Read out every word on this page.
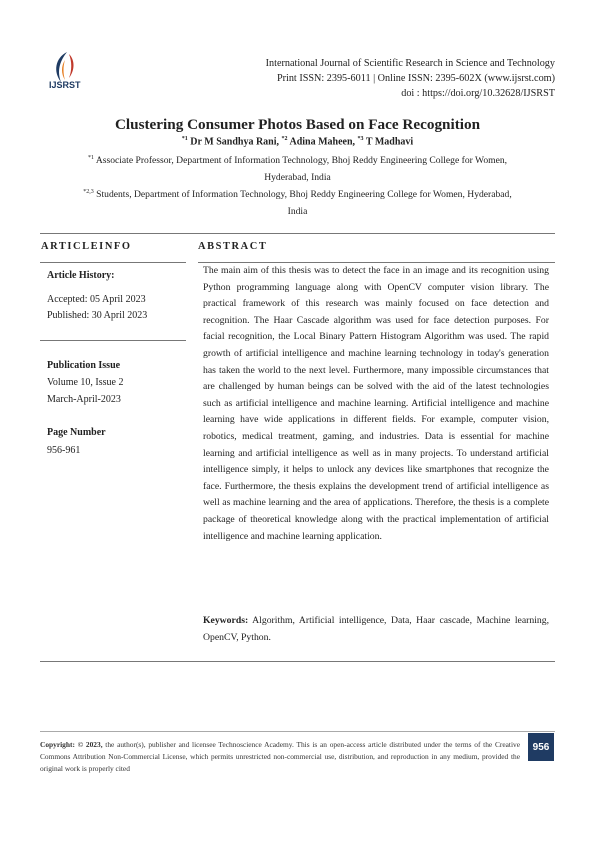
IJSRST
International Journal of Scientific Research in Science and Technology
Print ISSN: 2395-6011 | Online ISSN: 2395-602X (www.ijsrst.com)
doi : https://doi.org/10.32628/IJSRST
Clustering Consumer Photos Based on Face Recognition
$^{*1}$ Dr M Sandhya Rani, $^{*2}$ Adina Maheen, $^{*3}$ T Madhavi
$^{*1}$ Associate Professor, Department of Information Technology, Bhoj Reddy Engineering College for Women,
Hyderabad, India
$^{*2,3}$ Students, Department of Information Technology, Bhoj Reddy Engineering College for Women, Hyderabad,
India
ARTICLEINFO	ABSTRACT
Article History:
Accepted: 05 April 2023
Published: 30 April 2023
Publication Issue
Volume 10, Issue 2
March-April-2023
Page Number
956-961
The main aim of this thesis was to detect the face in an image and its recognition using Python programming language along with OpenCV computer vision library. The practical framework of this research was mainly focused on face detection and recognition. The Haar Cascade algorithm was used for face detection purposes. For facial recognition, the Local Binary Pattern Histogram Algorithm was used. The rapid growth of artificial intelligence and machine learning technology in today's generation has taken the world to the next level. Furthermore, many impossible circumstances that are challenged by human beings can be solved with the aid of the latest technologies such as artificial intelligence and machine learning. Artificial intelligence and machine learning have wide applications in different fields. For example, computer vision, robotics, medical treatment, gaming, and industries. Data is essential for machine learning and artificial intelligence as well as in many projects. To understand artificial intelligence simply, it helps to unlock any devices like smartphones that recognize the face. Furthermore, the thesis explains the development trend of artificial intelligence as well as machine learning and the area of applications. Therefore, the thesis is a complete package of theoretical knowledge along with the practical implementation of artificial intelligence and machine learning application.
Keywords: Algorithm, Artificial intelligence, Data, Haar cascade, Machine learning, OpenCV, Python.
Copyright: © 2023, the author(s), publisher and licensee Technoscience Academy. This is an open-access article distributed under the terms of the Creative Commons Attribution Non-Commercial License, which permits unrestricted non-commercial use, distribution, and reproduction in any medium, provided the original work is properly cited
956
